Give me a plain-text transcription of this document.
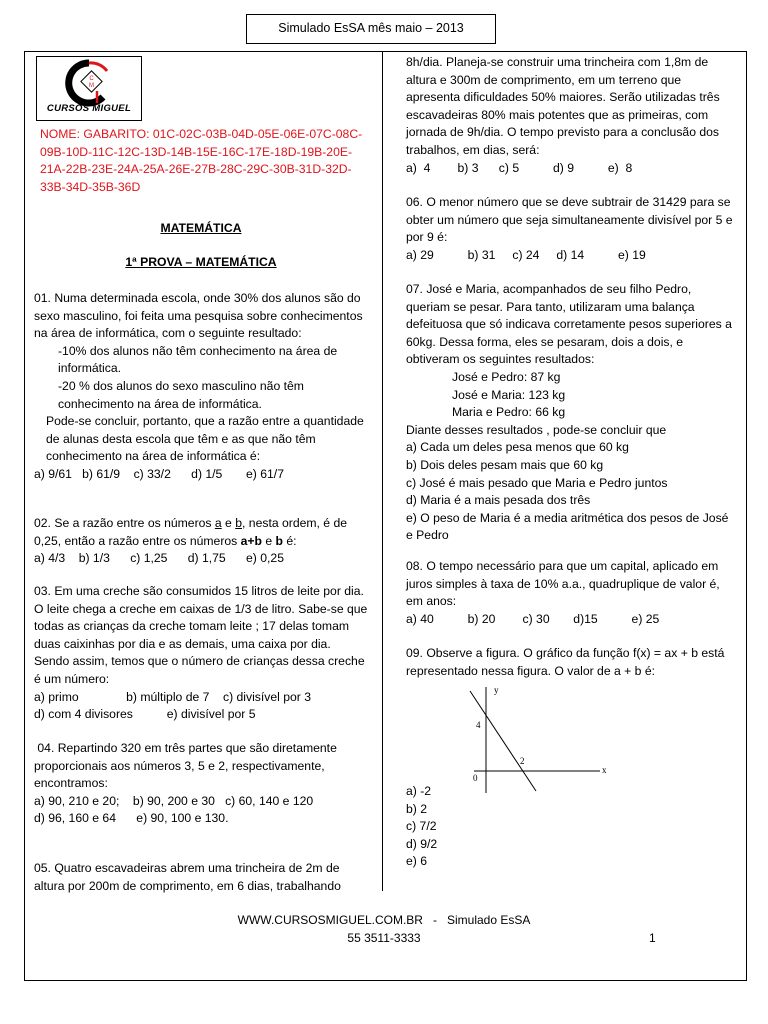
Simulado EsSA mês maio – 2013
C
M
CURSOS MIGUEL

NOME: GABARITO: 01C-02C-03B-04D-05E-06E-07C-08C-09B-10D-11C-12C-13D-14B-15E-16C-17E-18D-19B-20E-21A-22B-23E-24A-25A-26E-27B-28C-29C-30B-31D-32D-33B-34D-35B-36D

MATEMÁTICA
1ª PROVA – MATEMÁTICA

01. Numa determinada escola, onde 30% dos alunos são do sexo masculino, foi feita uma pesquisa sobre conhecimentos na área de informática, com o seguinte resultado:

-10% dos alunos não têm conhecimento na área de informática.

-20 % dos alunos do sexo masculino não têm conhecimento na área de informática.

Pode-se concluir, portanto, que a razão entre a quantidade de alunas desta escola que têm e as que não têm conhecimento na área de informática é:

a) 9/61   b) 61/9    c) 33/2      d) 1/5       e) 61/7

02. Se a razão entre os números a e b, nesta ordem, é de 0,25, então a razão entre os números a+b e b é:

a) 4/3    b) 1/3      c) 1,25      d) 1,75      e) 0,25

03. Em uma creche são consumidos 15 litros de leite por dia. O leite chega a creche em caixas de 1/3 de litro. Sabe-se que todas as crianças da creche tomam leite ; 17 delas tomam duas caixinhas por dia e as demais, uma caixa por dia. Sendo assim, temos que o número de crianças dessa creche é um número:

a) primo              b) múltiplo de 7    c) divisível por 3

d) com 4 divisores          e) divisível por 5

04. Repartindo 320 em três partes que são diretamente proporcionais aos números 3, 5 e 2, respectivamente, encontramos:

a) 90, 210 e 20;    b) 90, 200 e 30   c) 60, 140 e 120

d) 96, 160 e 64      e) 90, 100 e 130.

05. Quatro escavadeiras abrem uma trincheira de 2m de altura por 200m de comprimento, em 6 dias, trabalhando

8h/dia. Planeja-se construir uma trincheira com 1,8m de altura e 300m de comprimento, em um terreno que apresenta dificuldades 50% maiores. Serão utilizadas três escavadeiras 80% mais potentes que as primeiras, com jornada de 9h/dia. O tempo previsto para a conclusão dos trabalhos, em dias, será:

a)  4        b) 3      c) 5          d) 9          e)  8

06. O menor número que se deve subtrair de 31429 para se obter um número que seja simultaneamente divisível por 5 e por 9 é:

a) 29          b) 31     c) 24     d) 14          e) 19

07. José e Maria, acompanhados de seu filho Pedro, queriam se pesar. Para tanto, utilizaram uma balança defeituosa que só indicava corretamente pesos superiores a 60kg. Dessa forma, eles se pesaram, dois a dois, e obtiveram os seguintes resultados:

José e Pedro: 87 kg

José e Maria: 123 kg

Maria e Pedro: 66 kg

Diante desses resultados , pode-se concluir que

a) Cada um deles pesa menos que 60 kg

b) Dois deles pesam mais que 60 kg

c) José é mais pesado que Maria e Pedro juntos

d) Maria é a mais pesada dos três

e) O peso de Maria é a media aritmética dos pesos de José e Pedro

08. O tempo necessário para que um capital, aplicado em juros simples à taxa de 10% a.a., quadruplique de valor é, em anos:

a) 40          b) 20        c) 30       d)15          e) 25

09. Observe a figura. O gráfico da função f(x) = ax + b está representado nessa figura. O valor de a + b é:

y
x
4
2
0

a) -2

b) 2

c) 7/2

d) 9/2

e) 6

WWW.CURSOSMIGUEL.COM.BR   -   Simulado EsSA
55 3511-3333	1
